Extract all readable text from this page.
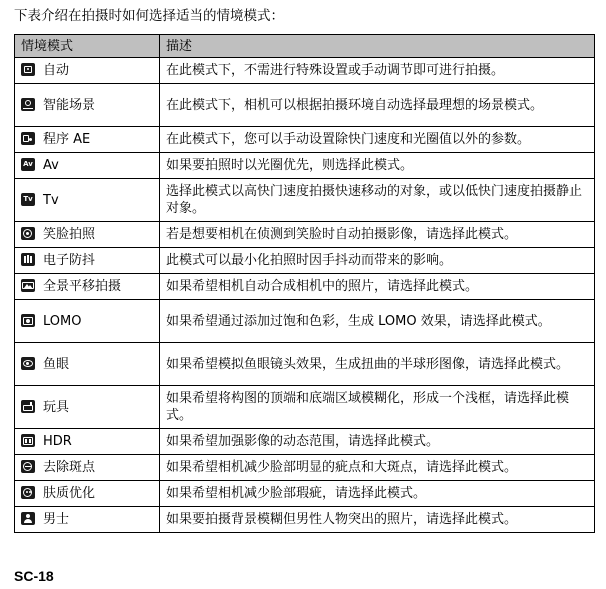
下表介绍在拍摄时如何选择适当的情境模式：
情境模式	描述

自动	在此模式下，不需进行特殊设置或手动调节即可进行拍摄。

智能场景	在此模式下，相机可以根据拍摄环境自动选择最理想的场景模式。

程序 AE	在此模式下，您可以手动设置除快门速度和光圈值以外的参数。
Av Av	如果要拍照时以光圈优先，则选择此模式。
Tv Tv	选择此模式以高快门速度拍摄快速移动的对象，或以低快门速度拍摄静止对象。

笑脸拍照	若是想要相机在侦测到笑脸时自动拍摄影像，请选择此模式。

电子防抖	此模式可以最小化拍照时因手抖动而带来的影响。

全景平移拍摄	如果希望相机自动合成相机中的照片，请选择此模式。

LOMO	如果希望通过添加过饱和色彩，生成 LOMO 效果，请选择此模式。

鱼眼	如果希望模拟鱼眼镜头效果，生成扭曲的半球形图像，请选择此模式。

玩具	如果希望将构图的顶端和底端区域模糊化，形成一个浅框，请选择此模式。

HDR	如果希望加强影像的动态范围，请选择此模式。

去除斑点	如果希望相机减少脸部明显的疵点和大斑点，请选择此模式。

肤质优化	如果希望相机减少脸部瑕疵，请选择此模式。

男士	如果要拍摄背景模糊但男性人物突出的照片，请选择此模式。
SC-18
